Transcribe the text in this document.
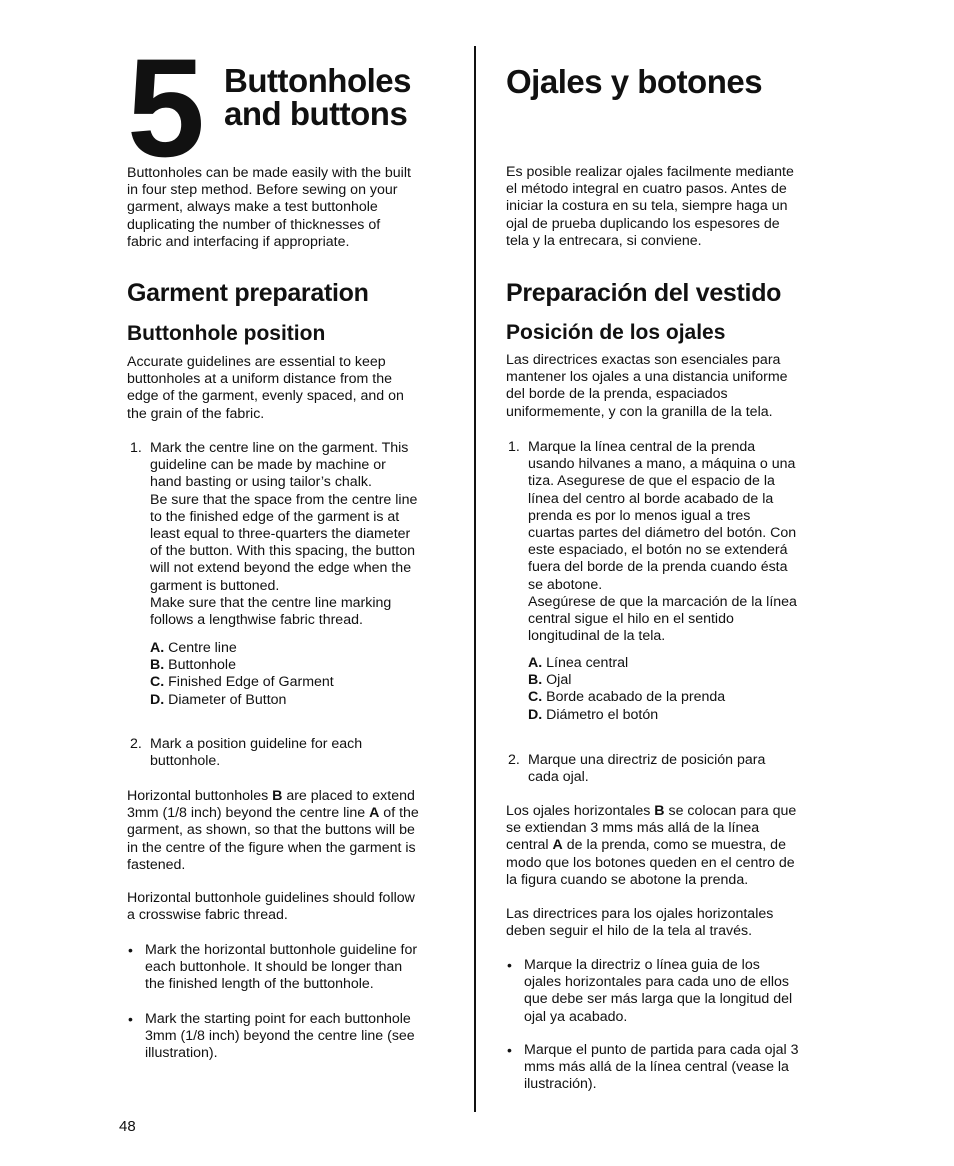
5 Buttonholes
and buttons
Buttonholes can be made easily with the built
in four step method. Before sewing on your
garment, always make a test buttonhole
duplicating the number of thicknesses of
fabric and interfacing if appropriate.
Garment preparation
Buttonhole position
Accurate guidelines are essential to keep
buttonholes at a uniform distance from the
edge of the garment, evenly spaced, and on
the grain of the fabric.
1. Mark the centre line on the garment. This
guideline can be made by machine or
hand basting or using tailor’s chalk.
Be sure that the space from the centre line
to the finished edge of the garment is at
least equal to three-quarters the diameter
of the button. With this spacing, the button
will not extend beyond the edge when the
garment is buttoned.
Make sure that the centre line marking
follows a lengthwise fabric thread.
A. Centre line
B. Buttonhole
C. Finished Edge of Garment
D. Diameter of Button
2. Mark a position guideline for each
buttonhole.
Horizontal buttonholes B are placed to extend
3mm (1/8 inch) beyond the centre line A of the
garment, as shown, so that the buttons will be
in the centre of the figure when the garment is
fastened.
Horizontal buttonhole guidelines should follow
a crosswise fabric thread.
• Mark the horizontal buttonhole guideline for
each buttonhole. It should be longer than
the finished length of the buttonhole.
• Mark the starting point for each buttonhole
3mm (1/8 inch) beyond the centre line (see
illustration).
48
Ojales y botones
Es posible realizar ojales facilmente mediante
el método integral en cuatro pasos. Antes de
iniciar la costura en su tela, siempre haga un
ojal de prueba duplicando los espesores de
tela y la entrecara, si conviene.
Preparación del vestido
Posición de los ojales
Las directrices exactas son esenciales para
mantener los ojales a una distancia uniforme
del borde de la prenda, espaciados
uniformemente, y con la granilla de la tela.
1. Marque la línea central de la prenda
usando hilvanes a mano, a máquina o una
tiza. Asegurese de que el espacio de la
línea del centro al borde acabado de la
prenda es por lo menos igual a tres
cuartas partes del diámetro del botón. Con
este espaciado, el botón no se extenderá
fuera del borde de la prenda cuando ésta
se abotone.
Asegúrese de que la marcación de la línea
central sigue el hilo en el sentido
longitudinal de la tela.
A. Línea central
B. Ojal
C. Borde acabado de la prenda
D. Diámetro el botón
2. Marque una directriz de posición para
cada ojal.
Los ojales horizontales B se colocan para que
se extiendan 3 mms más allá de la línea
central A de la prenda, como se muestra, de
modo que los botones queden en el centro de
la figura cuando se abotone la prenda.
Las directrices para los ojales horizontales
deben seguir el hilo de la tela al través.
• Marque la directriz o línea guia de los
ojales horizontales para cada uno de ellos
que debe ser más larga que la longitud del
ojal ya acabado.
• Marque el punto de partida para cada ojal 3
mms más allá de la línea central (vease la
ilustración).
